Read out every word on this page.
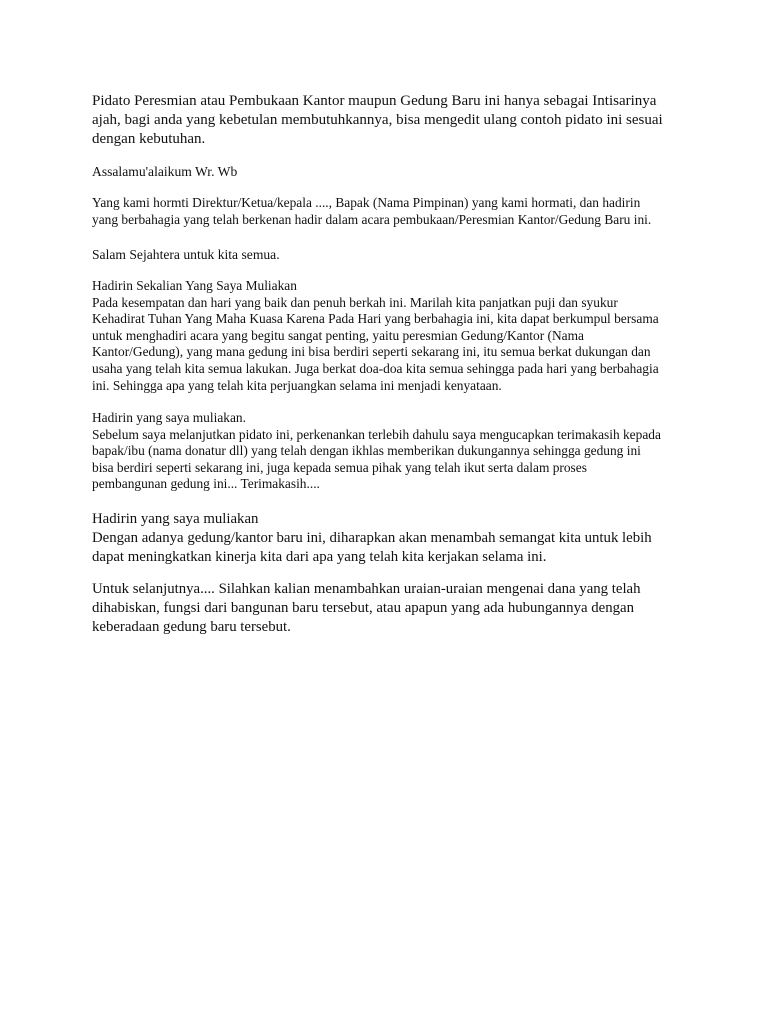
Pidato Peresmian atau Pembukaan Kantor maupun Gedung Baru ini hanya sebagai Intisarinya
ajah, bagi anda yang kebetulan membutuhkannya, bisa mengedit ulang contoh pidato ini sesuai
dengan kebutuhan.

Assalamu'alaikum Wr. Wb

Yang kami hormti Direktur/Ketua/kepala ...., Bapak (Nama Pimpinan) yang kami hormati, dan hadirin
yang berbahagia yang telah berkenan hadir dalam acara pembukaan/Peresmian Kantor/Gedung Baru ini.

Salam Sejahtera untuk kita semua.

Hadirin Sekalian Yang Saya Muliakan
Pada kesempatan dan hari yang baik dan penuh berkah ini. Marilah kita panjatkan puji dan syukur
Kehadirat Tuhan Yang Maha Kuasa Karena Pada Hari yang berbahagia ini, kita dapat berkumpul bersama
untuk menghadiri acara yang begitu sangat penting, yaitu peresmian Gedung/Kantor (Nama
Kantor/Gedung), yang mana gedung ini bisa berdiri seperti sekarang ini, itu semua berkat dukungan dan
usaha yang telah kita semua lakukan. Juga berkat doa-doa kita semua sehingga pada hari yang berbahagia
ini. Sehingga apa yang telah kita perjuangkan selama ini menjadi kenyataan.

Hadirin yang saya muliakan.
Sebelum saya melanjutkan pidato ini, perkenankan terlebih dahulu saya mengucapkan terimakasih kepada
bapak/ibu (nama donatur dll) yang telah dengan ikhlas memberikan dukungannya sehingga gedung ini
bisa berdiri seperti sekarang ini, juga kepada semua pihak yang telah ikut serta dalam proses
pembangunan gedung ini... Terimakasih....

Hadirin yang saya muliakan
Dengan adanya gedung/kantor baru ini, diharapkan akan menambah semangat kita untuk lebih
dapat meningkatkan kinerja kita dari apa yang telah kita kerjakan selama ini.

Untuk selanjutnya.... Silahkan kalian menambahkan uraian-uraian mengenai dana yang telah
dihabiskan, fungsi dari bangunan baru tersebut, atau apapun yang ada hubungannya dengan
keberadaan gedung baru tersebut.
